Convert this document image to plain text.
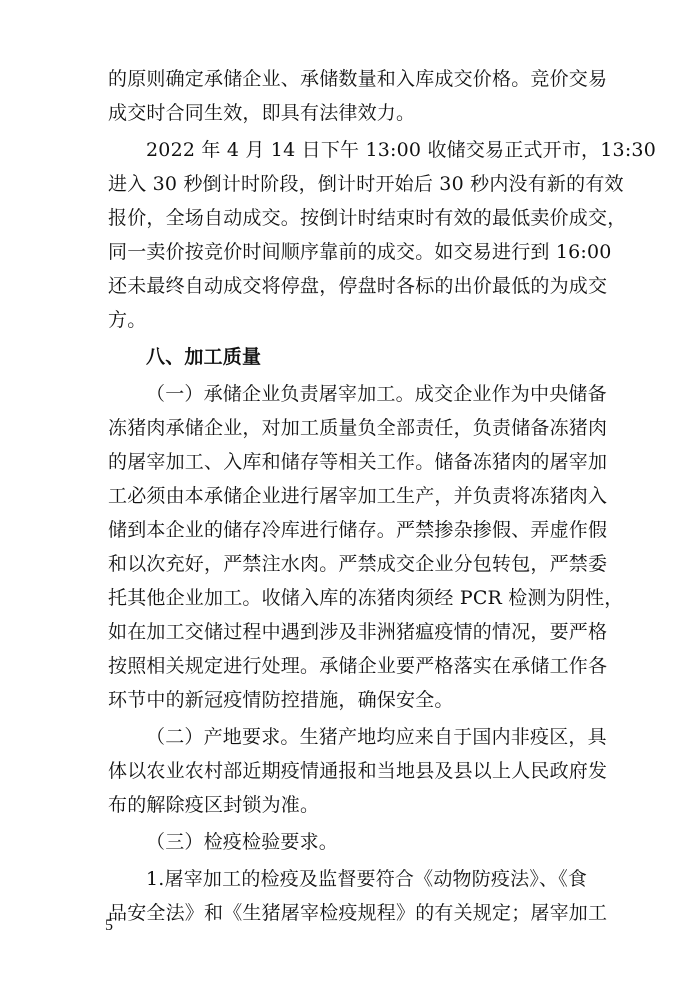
的原则确定承储企业、承储数量和入库成交价格。竞价交易
成交时合同生效，即具有法律效力。
2022 年 4 月 14 日下午 13:00 收储交易正式开市，13:30
进入 30 秒倒计时阶段，倒计时开始后 30 秒内没有新的有效
报价，全场自动成交。按倒计时结束时有效的最低卖价成交，
同一卖价按竞价时间顺序靠前的成交。如交易进行到 16:00
还未最终自动成交将停盘，停盘时各标的出价最低的为成交
方。
八、加工质量
（一）承储企业负责屠宰加工。成交企业作为中央储备
冻猪肉承储企业，对加工质量负全部责任，负责储备冻猪肉
的屠宰加工、入库和储存等相关工作。储备冻猪肉的屠宰加
工必须由本承储企业进行屠宰加工生产，并负责将冻猪肉入
储到本企业的储存冷库进行储存。严禁掺杂掺假、弄虚作假
和以次充好，严禁注水肉。严禁成交企业分包转包，严禁委
托其他企业加工。收储入库的冻猪肉须经 PCR 检测为阴性，
如在加工交储过程中遇到涉及非洲猪瘟疫情的情况，要严格
按照相关规定进行处理。承储企业要严格落实在承储工作各
环节中的新冠疫情防控措施，确保安全。
（二）产地要求。生猪产地均应来自于国内非疫区，具
体以农业农村部近期疫情通报和当地县及县以上人民政府发
布的解除疫区封锁为准。
（三）检疫检验要求。
1.屠宰加工的检疫及监督要符合《动物防疫法》、《食
品安全法》和《生猪屠宰检疫规程》的有关规定；屠宰加工
5
